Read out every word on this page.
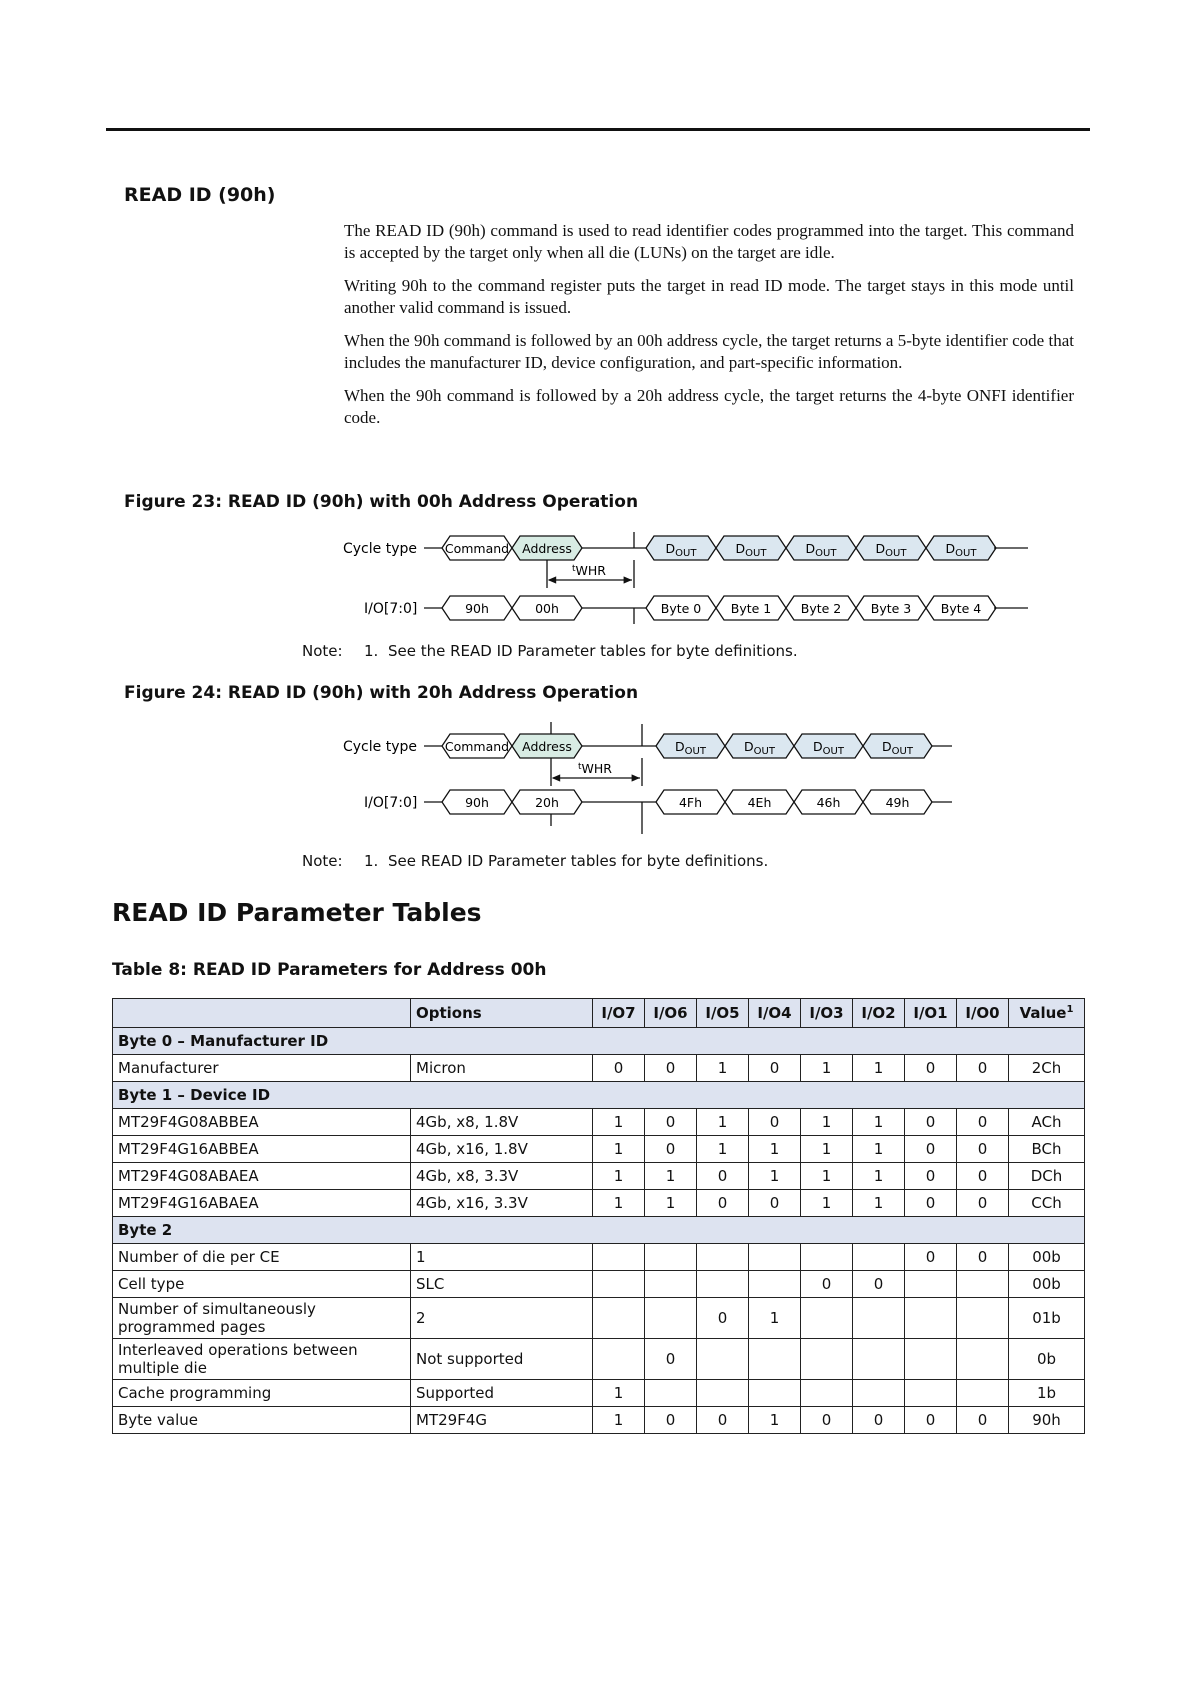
READ ID (90h)

The READ ID (90h) command is used to read identifier codes programmed into the target. This command is accepted by the target only when all die (LUNs) on the target are idle.

Writing 90h to the command register puts the target in read ID mode. The target stays in this mode until another valid command is issued.

When the 90h command is followed by an 00h address cycle, the target returns a 5-byte identifier code that includes the manufacturer ID, device configuration, and part-specific information.

When the 90h command is followed by a 20h address cycle, the target returns the 4-byte ONFI identifier code.

Figure 23: READ ID (90h) with 00h Address Operation
Cycle type Command Address	$D_{OUT}$	$D_{OUT}$	$D_{OUT}$	$D_{OUT}$	$D_{OUT}$
$^t$WHR
I/O[7:0]	90h	00h	Byte 0 Byte 1 Byte 2 Byte 3 Byte 4
Note: 1. See the READ ID Parameter tables for byte definitions.
Figure 24: READ ID (90h) with 20h Address Operation
Cycle type Command Address	$D_{OUT}$	$D_{OUT}$	$D_{OUT}$	$D_{OUT}$
$^t$WHR
I/O[7:0]	90h	20h	4Fh	4Eh	46h	49h
Note: 1. See READ ID Parameter tables for byte definitions.
READ ID Parameter Tables
Table 8: READ ID Parameters for Address 00h
	Options	I/O7	I/O6	I/O5	I/O4	I/O3	I/O2	I/O1	I/O0	Value$^1$
Byte 0 – Manufacturer ID										
Manufacturer	Micron	0	0	1	0	1	1	0	0	2Ch
Byte 1 – Device ID										
MT29F4G08ABBEA	4Gb, x8, 1.8V	1	0	1	0	1	1	0	0	ACh
MT29F4G16ABBEA	4Gb, x16, 1.8V	1	0	1	1	1	1	0	0	BCh
MT29F4G08ABAEA	4Gb, x8, 3.3V	1	1	0	1	1	1	0	0	DCh
MT29F4G16ABAEA	4Gb, x16, 3.3V	1	1	0	0	1	1	0	0	CCh
Byte 2										
Number of die per CE	1							0	0	00b
Cell type	SLC					0	0			00b
Number of simultaneously programmed pages	2			0	1					01b
Interleaved operations between multiple die	Not supported		0							0b
Cache programming	Supported	1								1b
Byte value	MT29F4G	1	0	0	1	0	0	0	0	90h
